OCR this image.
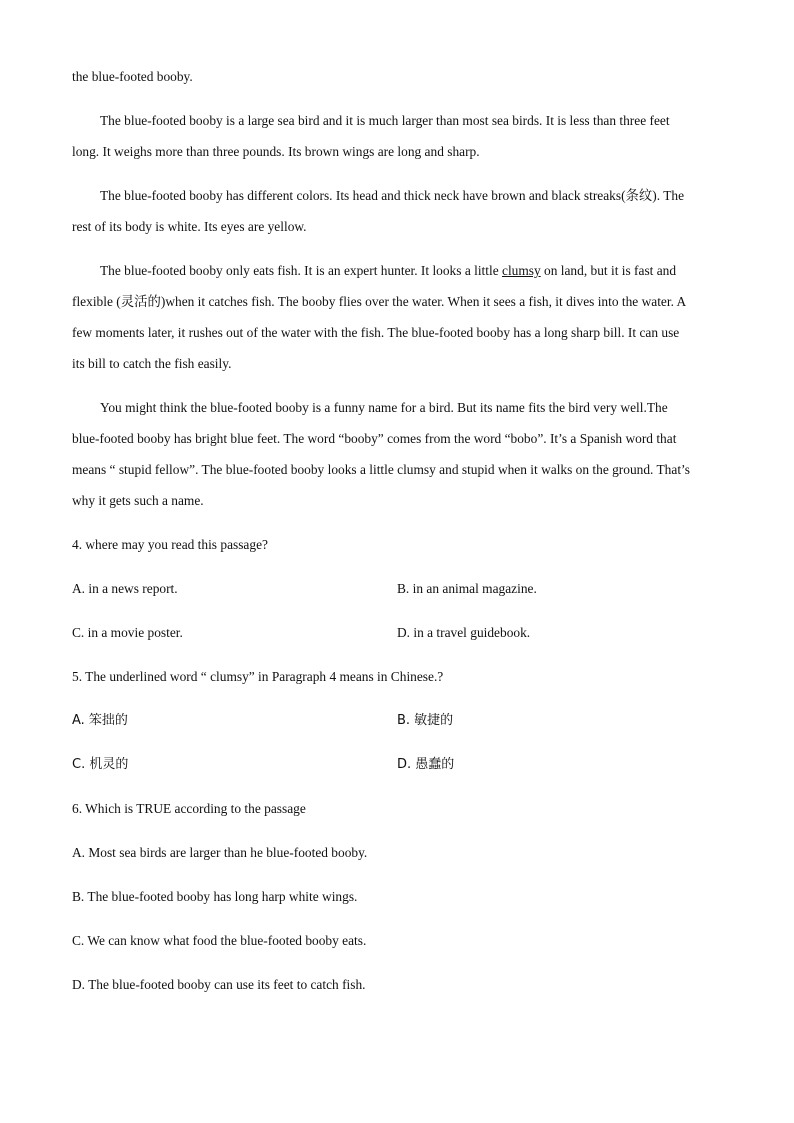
the blue-footed booby.
The blue-footed booby is a large sea bird and it is much larger than most sea birds. It is less than three feet
long. It weighs more than three pounds. Its brown wings are long and sharp.
The blue-footed booby has different colors. Its head and thick neck have brown and black streaks(条纹). The
rest of its body is white. Its eyes are yellow.
The blue-footed booby only eats fish. It is an expert hunter. It looks a little clumsy on land, but it is fast and
flexible (灵活的)when it catches fish. The booby flies over the water. When it sees a fish, it dives into the water. A
few moments later, it rushes out of the water with the fish. The blue-footed booby has a long sharp bill. It can use
its bill to catch the fish easily.
You might think the blue-footed booby is a funny name for a bird. But its name fits the bird very well.The
blue-footed booby has bright blue feet. The word “booby” comes from the word “bobo”. It’s a Spanish word that
means “ stupid fellow”. The blue-footed booby looks a little clumsy and stupid when it walks on the ground. That’s
why it gets such a name.
4. where may you read this passage?
A. in a news report.	B. in an animal magazine.
C. in a movie poster.	D. in a travel guidebook.
5. The underlined word “ clumsy” in Paragraph 4 means in Chinese.?
A. 笨拙的	B. 敏捷的
C. 机灵的	D. 愚蠢的
6. Which is TRUE according to the passage
A. Most sea birds are larger than he blue-footed booby.
B. The blue-footed booby has long harp white wings.
C. We can know what food the blue-footed booby eats.
D. The blue-footed booby can use its feet to catch fish.
